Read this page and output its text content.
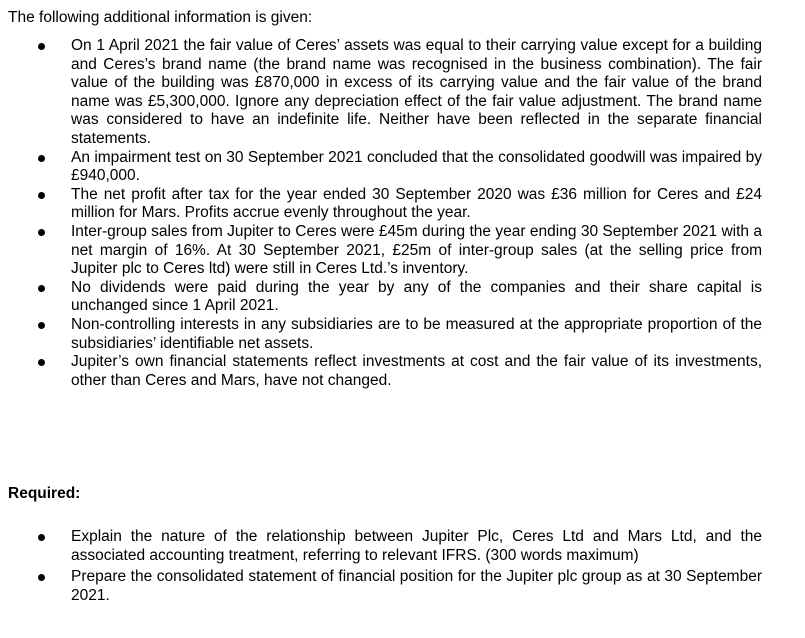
The following additional information is given:

On 1 April 2021 the fair value of Ceres’ assets was equal to their carrying value except for a building and Ceres’s brand name (the brand name was recognised in the business combination). The fair value of the building was £870,000 in excess of its carrying value and the fair value of the brand name was £5,300,000. Ignore any depreciation effect of the fair value adjustment. The brand name was considered to have an indefinite life. Neither have been reflected in the separate financial statements.
An impairment test on 30 September 2021 concluded that the consolidated goodwill was impaired by £940,000.
The net profit after tax for the year ended 30 September 2020 was £36 million for Ceres and £24 million for Mars. Profits accrue evenly throughout the year.
Inter-group sales from Jupiter to Ceres were £45m during the year ending 30 September 2021 with a net margin of 16%. At 30 September 2021, £25m of inter-group sales (at the selling price from Jupiter plc to Ceres ltd) were still in Ceres Ltd.’s inventory.
No dividends were paid during the year by any of the companies and their share capital is unchanged since 1 April 2021.
Non-controlling interests in any subsidiaries are to be measured at the appropriate proportion of the subsidiaries’ identifiable net assets.
Jupiter’s own financial statements reflect investments at cost and the fair value of its investments, other than Ceres and Mars, have not changed.

Required:

Explain the nature of the relationship between Jupiter Plc, Ceres Ltd and Mars Ltd, and the associated accounting treatment, referring to relevant IFRS. (300 words maximum)
Prepare the consolidated statement of financial position for the Jupiter plc group as at 30 September 2021.
